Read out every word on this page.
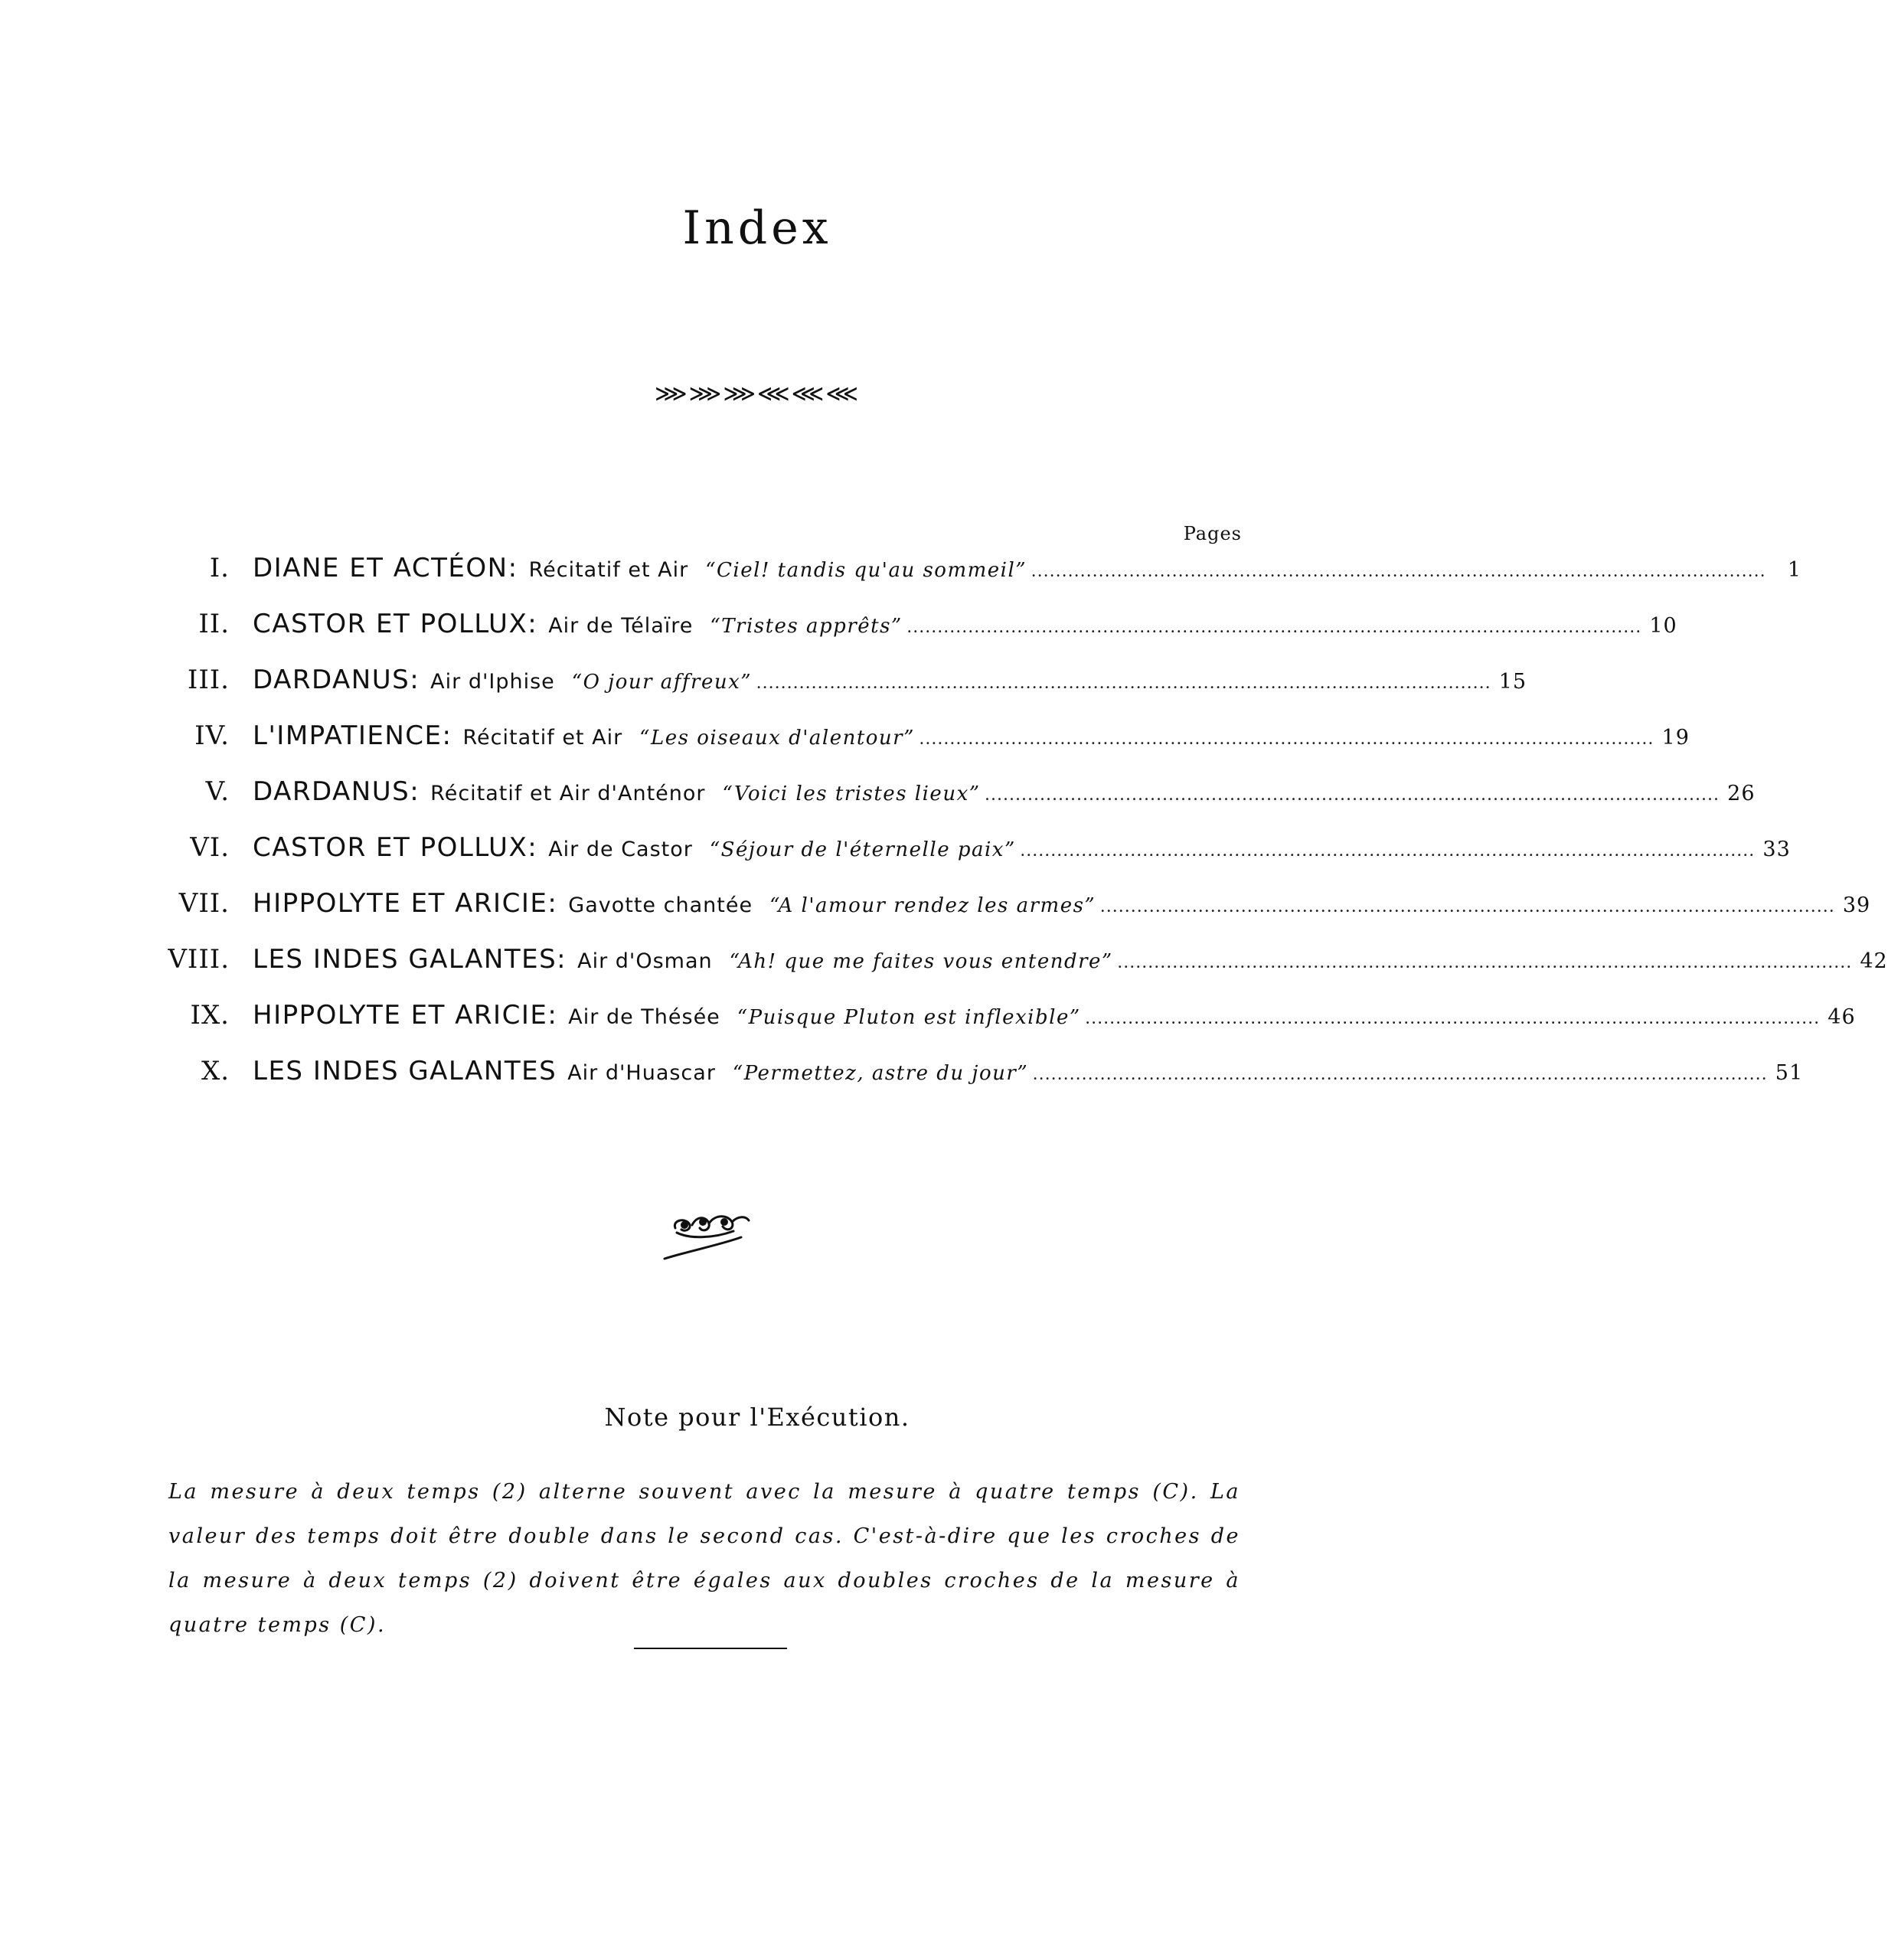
Index
⋙⋙⋙⋘⋘⋘
Pages
I. DIANE ET ACTÉON: Récitatif et Air “Ciel! tandis qu'au sommeil” ........................................................................................................................	1
II. CASTOR ET POLLUX: Air de Télaïre “Tristes apprêts” ........................................................................................................................ 10
III. DARDANUS: Air d'Iphise “O jour affreux” ........................................................................................................................ 15
IV. L'IMPATIENCE: Récitatif et Air “Les oiseaux d'alentour” ........................................................................................................................ 19
V. DARDANUS: Récitatif et Air d'Anténor “Voici les tristes lieux” ........................................................................................................................ 26
VI. CASTOR ET POLLUX: Air de Castor “Séjour de l'éternelle paix” ........................................................................................................................ 33
VII. HIPPOLYTE ET ARICIE: Gavotte chantée “A l'amour rendez les armes” ........................................................................................................................ 39
VIII. LES INDES GALANTES: Air d'Osman “Ah! que me faites vous entendre” ........................................................................................................................ 42
IX. HIPPOLYTE ET ARICIE: Air de Thésée “Puisque Pluton est inflexible” ........................................................................................................................ 46
X. LES INDES GALANTES Air d'Huascar “Permettez, astre du jour” ........................................................................................................................ 51
Note pour l'Exécution.

La mesure à deux temps (2) alterne souvent avec la mesure à quatre temps (C). La valeur des temps doit être double dans le second cas. C'est-à-dire que les croches de la mesure à deux temps (2) doivent être égales aux doubles croches de la mesure à quatre temps (C).
